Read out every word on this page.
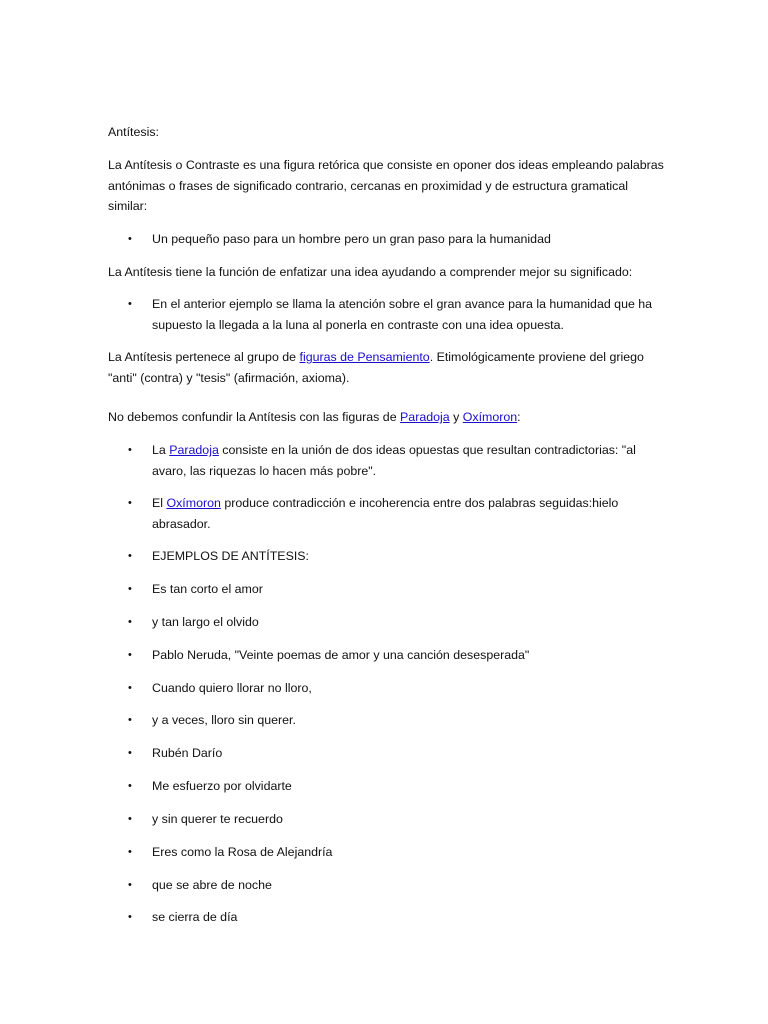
Antítesis:

La Antítesis o Contraste es una figura retórica que consiste en oponer dos ideas empleando palabras antónimas o frases de significado contrario, cercanas en proximidad y de estructura gramatical similar:

• Un pequeño paso para un hombre pero un gran paso para la humanidad

La Antítesis tiene la función de enfatizar una idea ayudando a comprender mejor su significado:

• En el anterior ejemplo se llama la atención sobre el gran avance para la humanidad que ha supuesto la llegada a la luna al ponerla en contraste con una idea opuesta.

La Antítesis pertenece al grupo de figuras de Pensamiento. Etimológicamente proviene del griego "anti" (contra) y "tesis" (afirmación, axioma).

No debemos confundir la Antítesis con las figuras de Paradoja y Oxímoron:

• La Paradoja consiste en la unión de dos ideas opuestas que resultan contradictorias: "al avaro, las riquezas lo hacen más pobre".
• El Oxímoron produce contradicción e incoherencia entre dos palabras seguidas:hielo abrasador.
• EJEMPLOS DE ANTÍTESIS:
• Es tan corto el amor
• y tan largo el olvido
• Pablo Neruda, "Veinte poemas de amor y una canción desesperada"
• Cuando quiero llorar no lloro,
• y a veces, lloro sin querer.
• Rubén Darío
• Me esfuerzo por olvidarte
• y sin querer te recuerdo
• Eres como la Rosa de Alejandría
• que se abre de noche
• se cierra de día
